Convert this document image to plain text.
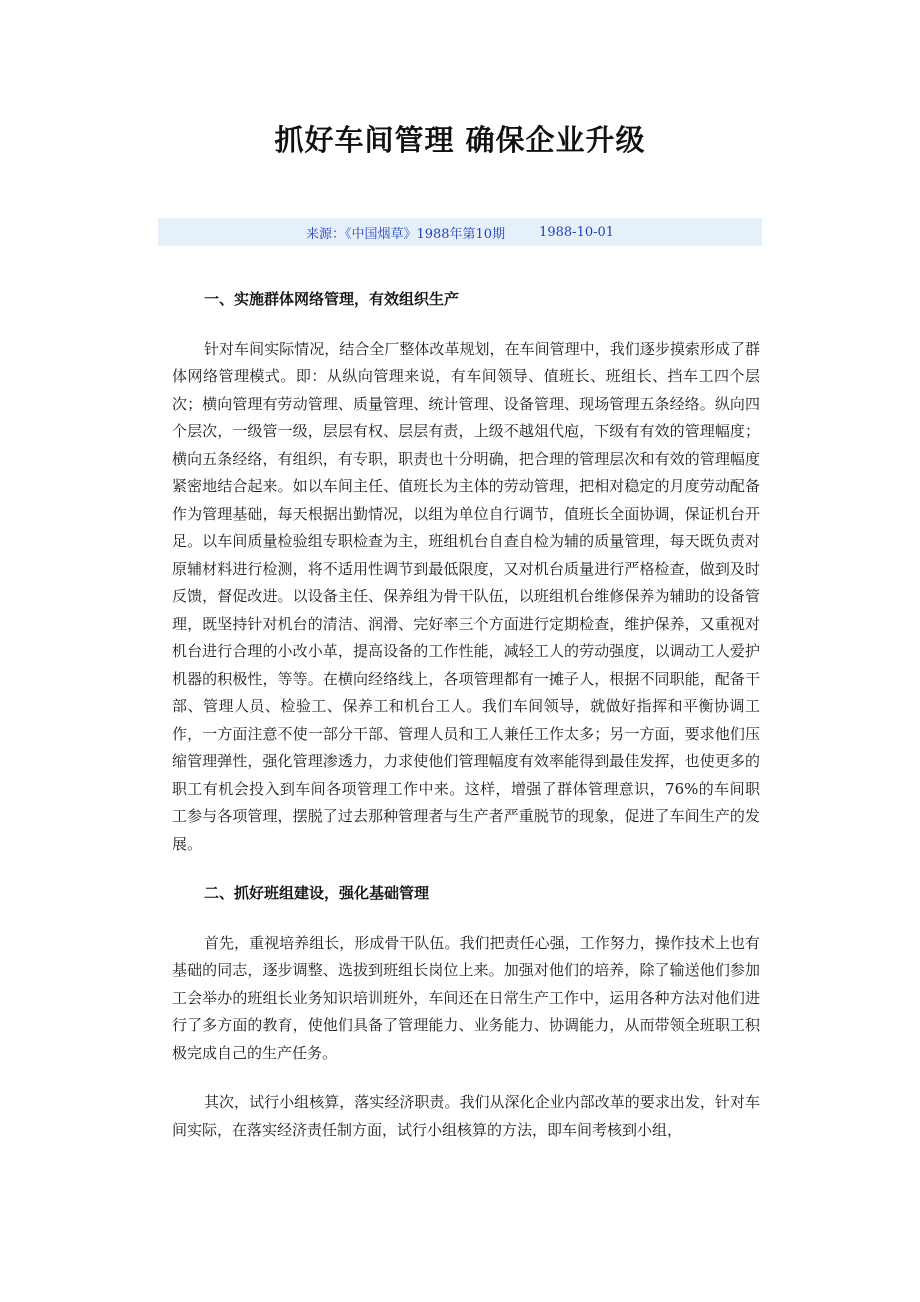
抓好车间管理 确保企业升级
来源：《中国烟草》1988年第10期	1988-10-01

一、实施群体网络管理，有效组织生产

针对车间实际情况，结合全厂整体改革规划，在车间管理中，我们逐步摸索形成了群体网络管理模式。即：从纵向管理来说，有车间领导、值班长、班组长、挡车工四个层次；横向管理有劳动管理、质量管理、统计管理、设备管理、现场管理五条经络。纵向四个层次，一级管一级，层层有权、层层有责，上级不越俎代庖，下级有有效的管理幅度；横向五条经络，有组织，有专职，职责也十分明确，把合理的管理层次和有效的管理幅度紧密地结合起来。如以车间主任、值班长为主体的劳动管理，把相对稳定的月度劳动配备作为管理基础，每天根据出勤情况，以组为单位自行调节，值班长全面协调，保证机台开足。以车间质量检验组专职检查为主，班组机台自查自检为辅的质量管理，每天既负责对原辅材料进行检测，将不适用性调节到最低限度，又对机台质量进行严格检查，做到及时反馈，督促改进。以设备主任、保养组为骨干队伍，以班组机台维修保养为辅助的设备管理，既坚持针对机台的清洁、润滑、完好率三个方面进行定期检查，维护保养，又重视对机台进行合理的小改小革，提高设备的工作性能，减轻工人的劳动强度，以调动工人爱护机器的积极性，等等。在横向经络线上，各项管理都有一摊子人，根据不同职能，配备干部、管理人员、检验工、保养工和机台工人。我们车间领导，就做好指挥和平衡协调工作，一方面注意不使一部分干部、管理人员和工人兼任工作太多；另一方面，要求他们压缩管理弹性，强化管理渗透力，力求使他们管理幅度有效率能得到最佳发挥，也使更多的职工有机会投入到车间各项管理工作中来。这样，增强了群体管理意识，76%的车间职工参与各项管理，摆脱了过去那种管理者与生产者严重脱节的现象，促进了车间生产的发展。

二、抓好班组建设，强化基础管理

首先，重视培养组长，形成骨干队伍。我们把责任心强，工作努力，操作技术上也有基础的同志，逐步调整、选拔到班组长岗位上来。加强对他们的培养，除了输送他们参加工会举办的班组长业务知识培训班外，车间还在日常生产工作中，运用各种方法对他们进行了多方面的教育，使他们具备了管理能力、业务能力、协调能力，从而带领全班职工积极完成自己的生产任务。

其次，试行小组核算，落实经济职责。我们从深化企业内部改革的要求出发，针对车间实际，在落实经济责任制方面，试行小组核算的方法，即车间考核到小组，
